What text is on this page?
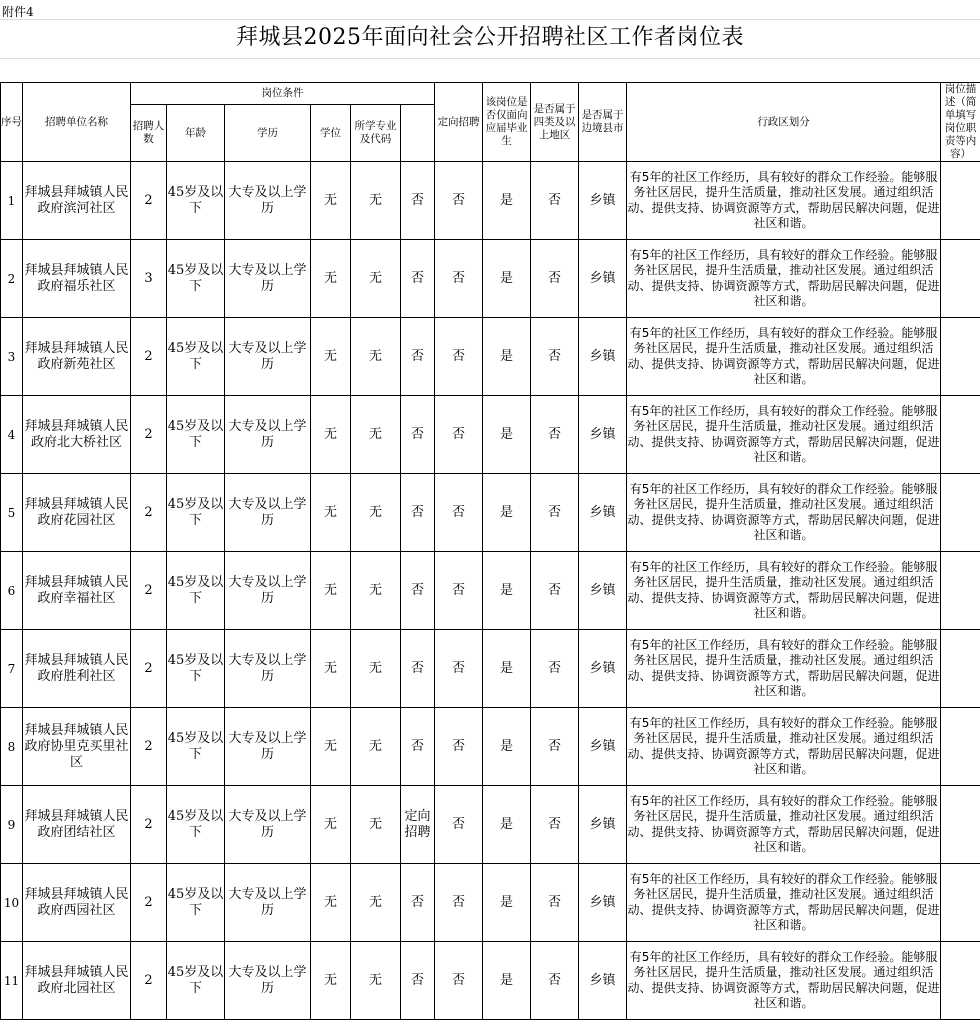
附件4
拜城县2025年面向社会公开招聘社区工作者岗位表
序号	招聘单位名称	岗位条件						定向招聘	该岗位是否仅面向应届毕业生	是否属于四类及以上地区	是否属于边境县市	行政区划分	岗位描述（简单填写岗位职责等内容）	
		招聘人数	年龄	学历	学位	所学专业及代码								
1	拜城县拜城镇人民政府滨河社区	2	45岁及以下	大专及以上学历	无	无	否	否	是	否	乡镇	有5年的社区工作经历，具有较好的群众工作经验。能够服务社区居民，提升生活质量，推动社区发展。通过组织活动、提供支持、协调资源等方式，帮助居民解决问题，促进社区和谐。		
2	拜城县拜城镇人民政府福乐社区	3	45岁及以下	大专及以上学历	无	无	否	否	是	否	乡镇	有5年的社区工作经历，具有较好的群众工作经验。能够服务社区居民，提升生活质量，推动社区发展。通过组织活动、提供支持、协调资源等方式，帮助居民解决问题，促进社区和谐。		
3	拜城县拜城镇人民政府新苑社区	2	45岁及以下	大专及以上学历	无	无	否	否	是	否	乡镇	有5年的社区工作经历，具有较好的群众工作经验。能够服务社区居民，提升生活质量，推动社区发展。通过组织活动、提供支持、协调资源等方式，帮助居民解决问题，促进社区和谐。		
4	拜城县拜城镇人民政府北大桥社区	2	45岁及以下	大专及以上学历	无	无	否	否	是	否	乡镇	有5年的社区工作经历，具有较好的群众工作经验。能够服务社区居民，提升生活质量，推动社区发展。通过组织活动、提供支持、协调资源等方式，帮助居民解决问题，促进社区和谐。		
5	拜城县拜城镇人民政府花园社区	2	45岁及以下	大专及以上学历	无	无	否	否	是	否	乡镇	有5年的社区工作经历，具有较好的群众工作经验。能够服务社区居民，提升生活质量，推动社区发展。通过组织活动、提供支持、协调资源等方式，帮助居民解决问题，促进社区和谐。		
6	拜城县拜城镇人民政府幸福社区	2	45岁及以下	大专及以上学历	无	无	否	否	是	否	乡镇	有5年的社区工作经历，具有较好的群众工作经验。能够服务社区居民，提升生活质量，推动社区发展。通过组织活动、提供支持、协调资源等方式，帮助居民解决问题，促进社区和谐。		
7	拜城县拜城镇人民政府胜利社区	2	45岁及以下	大专及以上学历	无	无	否	否	是	否	乡镇	有5年的社区工作经历，具有较好的群众工作经验。能够服务社区居民，提升生活质量，推动社区发展。通过组织活动、提供支持、协调资源等方式，帮助居民解决问题，促进社区和谐。		
8	拜城县拜城镇人民政府协里克买里社区	2	45岁及以下	大专及以上学历	无	无	否	否	是	否	乡镇	有5年的社区工作经历，具有较好的群众工作经验。能够服务社区居民，提升生活质量，推动社区发展。通过组织活动、提供支持、协调资源等方式，帮助居民解决问题，促进社区和谐。		
9	拜城县拜城镇人民政府团结社区	2	45岁及以下	大专及以上学历	无	无	定向招聘	否	是	否	乡镇	有5年的社区工作经历，具有较好的群众工作经验。能够服务社区居民，提升生活质量，推动社区发展。通过组织活动、提供支持、协调资源等方式，帮助居民解决问题，促进社区和谐。		
10	拜城县拜城镇人民政府西园社区	2	45岁及以下	大专及以上学历	无	无	否	否	是	否	乡镇	有5年的社区工作经历，具有较好的群众工作经验。能够服务社区居民，提升生活质量，推动社区发展。通过组织活动、提供支持、协调资源等方式，帮助居民解决问题，促进社区和谐。		
11	拜城县拜城镇人民政府北园社区	2	45岁及以下	大专及以上学历	无	无	否	否	是	否	乡镇	有5年的社区工作经历，具有较好的群众工作经验。能够服务社区居民，提升生活质量，推动社区发展。通过组织活动、提供支持、协调资源等方式，帮助居民解决问题，促进社区和谐。		
